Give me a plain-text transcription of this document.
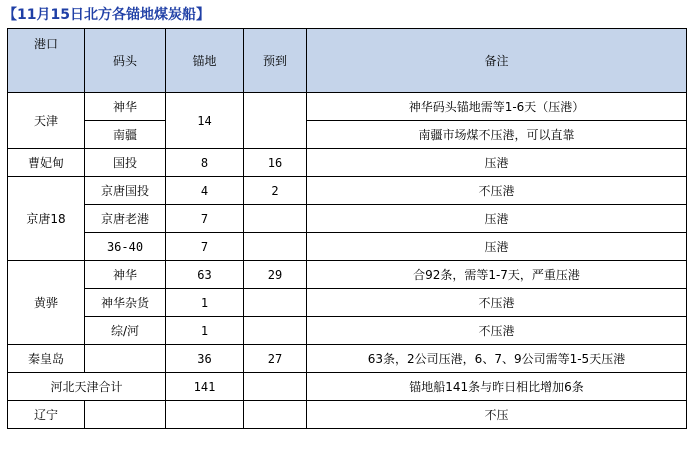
【11月15日北方各锚地煤炭船】
港口	码头	锚地	预到	备注
天津	神华	14		神华码头锚地需等1-6天（压港）
	南疆			南疆市场煤不压港，可以直靠
曹妃甸	国投	8	16	压港
京唐18	京唐国投	4	2	不压港
	京唐老港	7		压港
	36-40	7		压港
黄骅	神华	63	29	合92条，需等1-7天，严重压港
	神华杂货	1		不压港
	综/河	1		不压港
秦皇岛		36	27	63条，2公司压港，6、7、9公司需等1-5天压港
河北天津合计		141		锚地船141条与昨日相比增加6条
辽宁				不压
